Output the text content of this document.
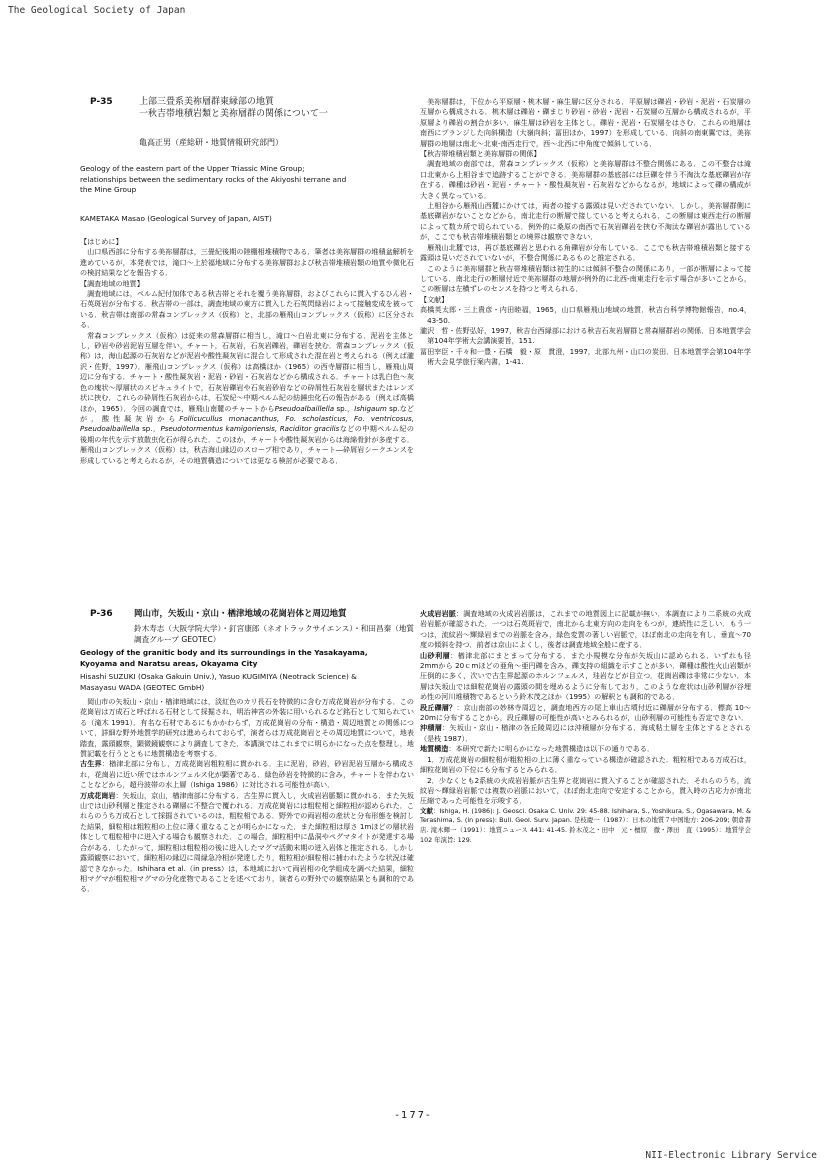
The Geological Society of Japan
P-35	上部三畳系美祢層群東縁部の地質
一秋吉帯堆積岩類と美祢層群の関係について一
亀高正男（産総研・地質情報研究部門）
Geology of the eastern part of the Upper Triassic Mine Group;
relationships between the sedimentary rocks of the Akiyoshi terrane and
the Mine Group
KAMETAKA Masao (Geological Survey of Japan, AIST)

【はじめに】

山口県西部に分布する美祢層群は，三畳紀後期の陸棚相堆積物である．筆者は美祢層群の堆積盆解析を進めているが，本発表では，滝口〜上於福地域に分布する美祢層群および秋吉帯堆積岩類の地質や微化石の検討結果などを報告する．

【調査地域の地質】

調査地域には，ペルム紀付加体である秋吉帯とそれを覆う美祢層群，およびこれらに貫入するひん岩・石英斑岩が分布する．秋吉帯の一部は，調査地域の東方に貫入した石英閃緑岩によって接触変成を被っている．秋吉帯は南部の常森コンプレックス（仮称）と，北部の雁飛山コンプレックス（仮称）に区分される．

常森コンプレックス（仮称）は従来の常森層群に相当し，滝口〜白岩北東に分布する．泥岩を主体とし，砂岩や砂岩泥岩互層を伴い，チャート，石灰岩，石灰岩礫岩，礫岩を挟む．常森コンプレックス（仮称）は，海山起源の石灰岩などが泥岩や酸性凝灰岩に混合して形成された混在岩と考えられる（例えば瀧沢・佐野，1997）．雁飛山コンプレックス（仮称）は高橋ほか（1965）の西寺層群に相当し，雁飛山周辺に分布する．チャート・酸性凝灰岩・泥岩・砂岩・石灰岩などから構成される．チャートは乳白色〜灰色の塊状〜厚層状のスピキュライトで，石灰岩礫岩や石灰岩砂岩などの砕屑性石灰岩を層状またはレンズ状に挟む．これらの砕屑性石灰岩からは，石炭紀〜中期ペルム紀の紡錘虫化石の報告がある（例えば高橋ほか，1965）．今回の調査では，雁飛山南麓のチャートからPseudoalbaillella sp.，Ishigaum sp.などが，酸性凝灰岩からFollicucullus monacanthus, Fo. scholasticus, Fo. ventricosus, Pseudoalbaillella sp.，Pseudotormentus kamigoriensis, Raciditor gracilisなどの中期ペルム紀の後期の年代を示す放散虫化石が得られた．このほか，チャートや酸性凝灰岩からは海綿骨針が多産する．雁飛山コンプレックス（仮称）は，秋吉海山縁辺のスロープ相であり，チャート―砕屑岩シークエンスを形成していると考えられるが，その地質構造については更なる検討が必要である．

美祢層群は，下位から平原層・桃木層・麻生層に区分される．平原層は礫岩・砂岩・泥岩・石炭層の互層から構成される．桃木層は礫岩・礫まじり砂岩・砂岩・泥岩・石炭層の互層から構成されるが，平原層より礫岩の割合が多い．麻生層は砂岩を主体とし，礫岩・泥岩・石炭層をはさむ．これらの地層は南西にプランジした向斜構造（大嶺向斜；冨田ほか，1997）を形成している．向斜の南東翼では，美祢層群の地層は南北〜北東-南西走行で，西〜北西に中角度で傾斜している．

【秋吉帯堆積岩類と美祢層群の関係】

調査地域の南部では，常森コンプレックス（仮称）と美祢層群は不整合関係にある．この不整合は滝口北東から上相谷まで追跡することができる．美祢層群の基底部には巨礫を伴う不淘汰な基底礫岩が存在する．礫種は砂岩・泥岩・チャート・酸性凝灰岩・石灰岩などからなるが，地域によって礫の構成が大きく異なっている．

上相谷から雁飛山西麓にかけては，両者の接する露頭は見いだされていない．しかし，美祢層群側に基底礫岩がないことなどから，南北走行の断層で接していると考えられる．この断層は東西走行の断層によって数カ所で切られている．例外的に桑原の南西で石灰岩礫岩を挟む不淘汰な礫岩が露出しているが，ここでも秋吉帯堆積岩類との境界は観察できない．

雁飛山北麓では，再び基底礫岩と思われる角礫岩が分布している．ここでも秋吉帯堆積岩類と接する露頭は見いだされていないが，不整合関係にあるものと推定される．

このように美祢層群と秋吉帯堆積岩類は初生的には傾斜不整合の関係にあり，一部が断層によって接している．南北走行の断層付近で美祢層群の地層が例外的に北西-南東走行を示す場合が多いことから，この断層は左横ずレのセンスを持つと考えられる．

【文献】

高橋英太郎・三上貴彦・内田睦福，1965，山口県雁飛山地域の地質．秋吉台科学博物館報告，no.4，43-50.

瀧沢　哲・佐野弘好，1997，秋吉台西縁部における秋吉石灰岩層群と常森層群岩の関係．日本地質学会第104年学術大会講演要旨，151.

冨田宰臣・千々和一豊・石橋　毅・原　貫澄，1997，北部九州・山口の炭田．日本地質学会第104年学術大会見学旅行案内書，1-41.

P-36	岡山市，矢坂山・京山・楢津地域の花崗岩体と周辺地質
鈴木寿志（大阪学院大学）・釘宮康郎（ネオトラックサイエンス）・和田昌秦（地質調査グループ GEOTEC）
Geology of the granitic body and its surroundings in the Yasakayama,
Kyoyama and Naratsu areas, Okayama City
Hisashi SUZUKI (Osaka Gakuin Univ.), Yasuo KUGIMIYA (Neotrack Science) &
Masayasu WADA (GEOTEC GmbH)

岡山市の矢坂山・京山・楢津地域には，淡紅色のカリ長石を特徴的に含む万成花崗岩が分布する．この花崗岩は万成石と呼ばれる石材として採掘され，明治神宮の外装に用いられるなど銘石として知られている（滝木 1991）．有名な石材であるにもかかわらず，万成花崗岩の分布・構造・周辺地質との関係について，詳細な野外地質学的研究は進められておらず，演者らは万成花崗岩とその周辺地質について，地表踏査，露頭観察，顕微鏡観察により調査してきた．本講演ではこれまでに明らかになった点を整理し，地質記載を行うとともに地質構造を考察する．

古生界：楢津北部に分布し，万成花崗岩粗粒相に貫かれる．主に泥岩，砂岩，砂岩泥岩互層から構成され，花崗岩に近い所ではホルンフェルス化が顕著である．緑色砂岩を特徴的に含み，チャートを伴わないことなどから，超丹波帯の水上層（Ishiga 1986）に対比される可能性が高い．

万成花崗岩：矢坂山，京山，楢津南部に分布する．古生界に貫入し，火成岩岩脈類に貫かれる．また矢坂山では山砂利層と推定される礫層に不整合で覆われる．万成花崗岩には粗粒相と細粒相が認められた．これらのうち万成石として採掘されているのは，粗粒相である．野外での両岩相の産状と分布形態を検討した結果，細粒相は粗粒相の上位に薄く重なることが明らかになった．また細粒相は厚さ 1mほどの層状岩体として粗粒相中に迸入する場合も観察された．この場合，細粒相中に晶洞やペグマタイトが発達する場合がある．したがって，細粒相は粗粒相の後に迸入したマグマ活動末期の迸入岩体と推定される．しかし露頭観察において，細粒相の縁辺に周縁急冷相が発達したり，粗粒相が細粒相に捕われたような状況は確認できなかった．Ishihara et al.（in press）は，本地域において両岩相の化学組成を調べた結果，細粒相マグマが粗粒相マグマの分化産物であることを述べており，演者らの野外での観察結果とも調和的である．

火成岩岩脈：調査地域の火成岩岩脈は，これまでの地質図上に記載が無い．本調査により二系統の火成岩岩脈が確認された．一つは石英斑岩で，南北から北東方向の走向をもつが，連続性に乏しい．もう一つは，流紋岩〜輝緑岩までの岩脈を含み，緑色変質の著しい岩脈で，ほぼ南北の走向を有し，垂直〜70 度の傾斜を持つ．前者は京山によくし，後者は調査地域全般に産する．

山砂利層：楢津北部にまとまって分布する．また小規模な分布が矢坂山に認められる．いずれも径 2mmから 20ｃmほどの亜角〜亜円礫を含み，礫支持の組織を示すことが多い．礫種は酸性火山岩類が圧倒的に多く，次いで古生界起源のホルンフェルス，珪岩などが目立つ．花崗岩礫は非常に少ない．本層は矢坂山では細粒花崗岩の露頭の間を埋めるように分布しており，このような産状は山砂利層が谷埋め性の河川堆積物であるという鈴木茂之ほか（1995）の解釈とも調和的である．

段丘礫層？：京山南部の妙林寺周辺と，調査地西方の尾上車山古墳付近に礫層が分布する．標高 10〜20mに分布することから，段丘礫層の可能性が高いとみられるが，山砂利層の可能性も否定できない．

沖積層：矢坂山・京山・楢津の各丘陵周辺には沖積層が分布する．海成粘土層を主体とするとされる（是枝 1987）．

地質構造：本研究で新たに明らかになった地質構造は以下の通りである．

1．万成花崗岩の細粒相が粗粒相の上に薄く重なっている構造が確認された．粗粒相である万成石は，細粒花崗岩の下位にも分布するとみられる．

2．少なくとも2系統の火成岩岩脈が古生界と花崗岩に貫入することが確認された．それらのうち，流紋岩〜輝緑岩岩脈では複数の岩脈において，ほぼ南北走向で安定することから，貫入時の古応力が南北圧縮であった可能性を示唆する．

文献：Ishiga, H. (1986): J. Geosci. Osaka C. Univ. 29: 45-88. Ishihara, S., Yoshikura, S., Ogasawara, M. & Terashima, S. (in press): Bull. Geol. Surv. Japan. 是枝慶一（1987）：日本の地質７中国地方: 206-209; 朝倉書店. 滝木輝一（1991）：地質ニュース 441: 41-45. 鈴木茂之・田中　元・檀原　徹・澤田　直（1995）：地質学会 102 年演旨: 129.

-177-
NII-Electronic Library Service
